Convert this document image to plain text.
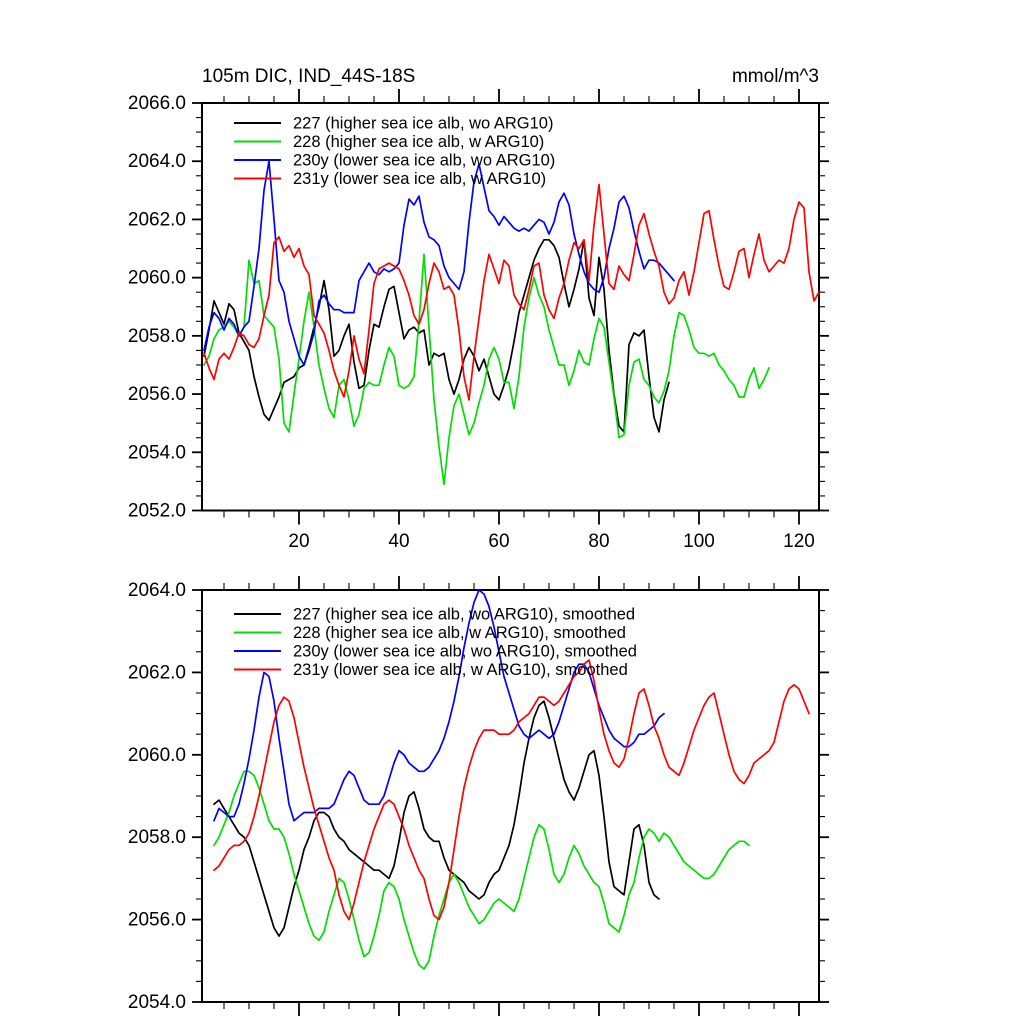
20	40	60	80	100	120
2066.0
2064.0
2062.0
2060.0
2058.0
2056.0
2054.0
2052.0
227 (higher sea ice alb, wo ARG10)
228 (higher sea ice alb, w ARG10)
230y (lower sea ice alb, wo ARG10)
231y (lower sea ice alb, w ARG10)
2064.0
2062.0
2060.0
2058.0
2056.0
2054.0
227 (higher sea ice alb, wo ARG10), smoothed
228 (higher sea ice alb, w ARG10), smoothed
230y (lower sea ice alb, wo ARG10), smoothed
231y (lower sea ice alb, w ARG10), smoothed
105m DIC, IND_44S-18S	mmol/m^3
